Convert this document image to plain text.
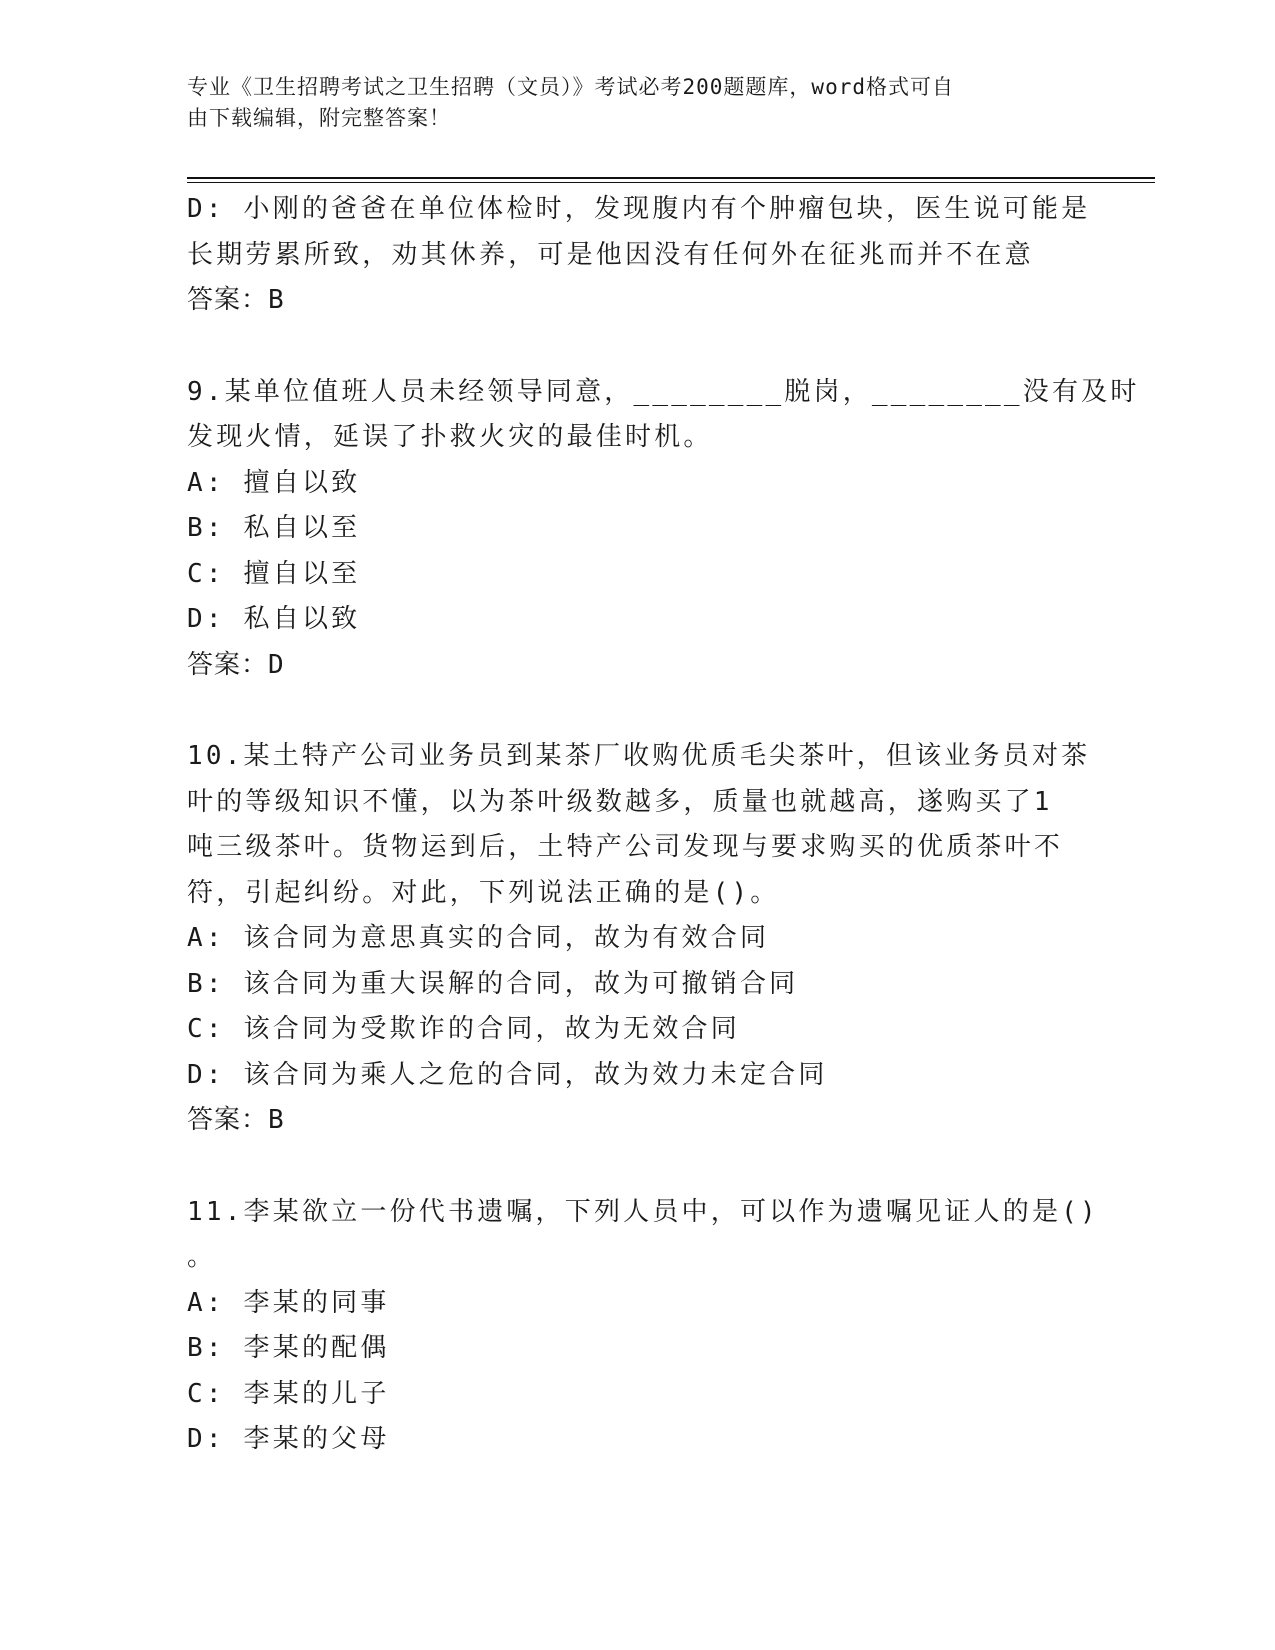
专业《卫生招聘考试之卫生招聘（文员）》考试必考200题题库，word格式可自
由下载编辑，附完整答案！
D: 小刚的爸爸在单位体检时，发现腹内有个肿瘤包块，医生说可能是
长期劳累所致，劝其休养，可是他因没有任何外在征兆而并不在意
答案：B
9.某单位值班人员未经领导同意，________脱岗，________没有及时
发现火情，延误了扑救火灾的最佳时机。
A: 擅自以致
B: 私自以至
C: 擅自以至
D: 私自以致
答案：D
10.某土特产公司业务员到某茶厂收购优质毛尖茶叶，但该业务员对茶
叶的等级知识不懂，以为茶叶级数越多，质量也就越高，遂购买了1
吨三级茶叶。货物运到后，土特产公司发现与要求购买的优质茶叶不
符，引起纠纷。对此，下列说法正确的是()。
A: 该合同为意思真实的合同，故为有效合同
B: 该合同为重大误解的合同，故为可撤销合同
C: 该合同为受欺诈的合同，故为无效合同
D: 该合同为乘人之危的合同，故为效力未定合同
答案：B
11.李某欲立一份代书遗嘱，下列人员中，可以作为遗嘱见证人的是()
。
A: 李某的同事
B: 李某的配偶
C: 李某的儿子
D: 李某的父母
